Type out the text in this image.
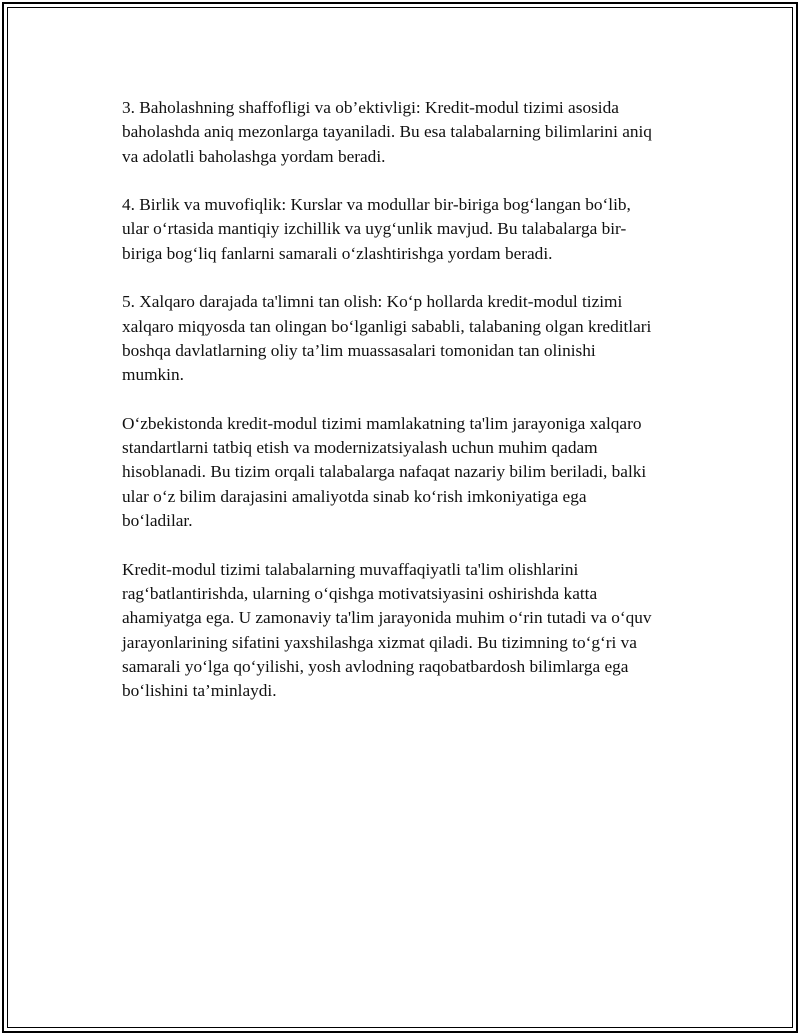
3. Baholashning shaffofligi va ob’ektivligi: Kredit-modul tizimi asosida
baholashda aniq mezonlarga tayaniladi. Bu esa talabalarning bilimlarini aniq
va adolatli baholashga yordam beradi.

4. Birlik va muvofiqlik: Kurslar va modullar bir-biriga bog‘langan bo‘lib,
ular o‘rtasida mantiqiy izchillik va uyg‘unlik mavjud. Bu talabalarga bir-
biriga bog‘liq fanlarni samarali o‘zlashtirishga yordam beradi.

5. Xalqaro darajada ta'limni tan olish: Ko‘p hollarda kredit-modul tizimi
xalqaro miqyosda tan olingan bo‘lganligi sababli, talabaning olgan kreditlari
boshqa davlatlarning oliy ta’lim muassasalari tomonidan tan olinishi
mumkin.

O‘zbekistonda kredit-modul tizimi mamlakatning ta'lim jarayoniga xalqaro
standartlarni tatbiq etish va modernizatsiyalash uchun muhim qadam
hisoblanadi. Bu tizim orqali talabalarga nafaqat nazariy bilim beriladi, balki
ular o‘z bilim darajasini amaliyotda sinab ko‘rish imkoniyatiga ega
bo‘ladilar.

Kredit-modul tizimi talabalarning muvaffaqiyatli ta'lim olishlarini
rag‘batlantirishda, ularning o‘qishga motivatsiyasini oshirishda katta
ahamiyatga ega. U zamonaviy ta'lim jarayonida muhim o‘rin tutadi va o‘quv
jarayonlarining sifatini yaxshilashga xizmat qiladi. Bu tizimning to‘g‘ri va
samarali yo‘lga qo‘yilishi, yosh avlodning raqobatbardosh bilimlarga ega
bo‘lishini ta’minlaydi.
